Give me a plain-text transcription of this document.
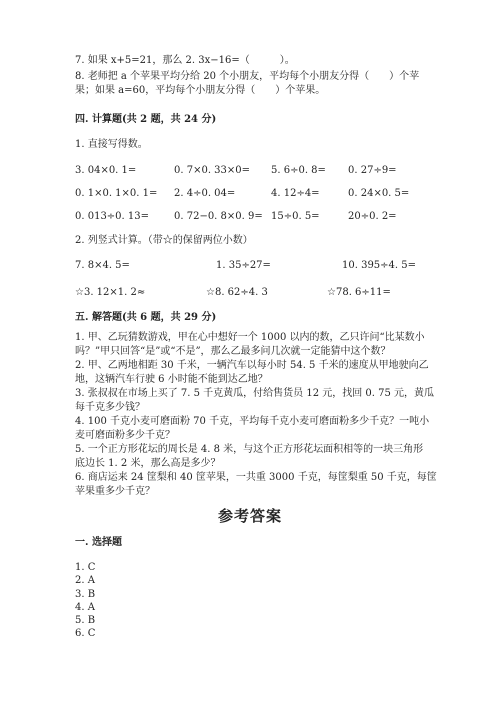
7. 如果 x+5=21，那么 2. 3x−16=（　　　）。
8. 老师把 a 个苹果平均分给 20 个小朋友，平均每个小朋友分得（　　）个苹
果；如果 a=60，平均每个小朋友分得（　　）个苹果。
四. 计算题(共 2 题，共 24 分)
1. 直接写得数。
3. 04×0. 1=	0. 7×0. 33×0= 5. 6÷0. 8= 0. 27÷9=
0. 1×0. 1×0. 1= 2. 4÷0. 04=	4. 12÷4=	0. 24×0. 5=
0. 013÷0. 13= 0. 72−0. 8×0. 9= 15÷0. 5=	20÷0. 2=
2. 列竖式计算。（带☆的保留两位小数）
7. 8×4. 5=	1. 35÷27=	10. 395÷4. 5=
☆3. 12×1. 2≈	☆8. 62÷4. 3	☆78. 6÷11=
五. 解答题(共 6 题，共 29 分)
1. 甲、乙玩猜数游戏，甲在心中想好一个 1000 以内的数，乙只许问“比某数小
吗？”甲只回答“是”或“不是”，那么乙最多问几次就一定能猜中这个数？
2. 甲、乙两地相距 30 千米，一辆汽车以每小时 54. 5 千米的速度从甲地驶向乙
地，这辆汽车行驶 6 小时能不能到达乙地？
3. 张叔叔在市场上买了 7. 5 千克黄瓜，付给售货员 12 元，找回 0. 75 元，黄瓜
每千克多少钱？
4. 100 千克小麦可磨面粉 70 千克，平均每千克小麦可磨面粉多少千克？一吨小
麦可磨面粉多少千克？
5. 一个正方形花坛的周长是 4. 8 米，与这个正方形花坛面积相等的一块三角形
底边长 1. 2 米，那么高是多少？
6. 商店运来 24 筐梨和 40 筐苹果，一共重 3000 千克，每筐梨重 50 千克，每筐
苹果重多少千克？
参考答案
一. 选择题
1. C
2. A
3. B
4. A
5. B
6. C
